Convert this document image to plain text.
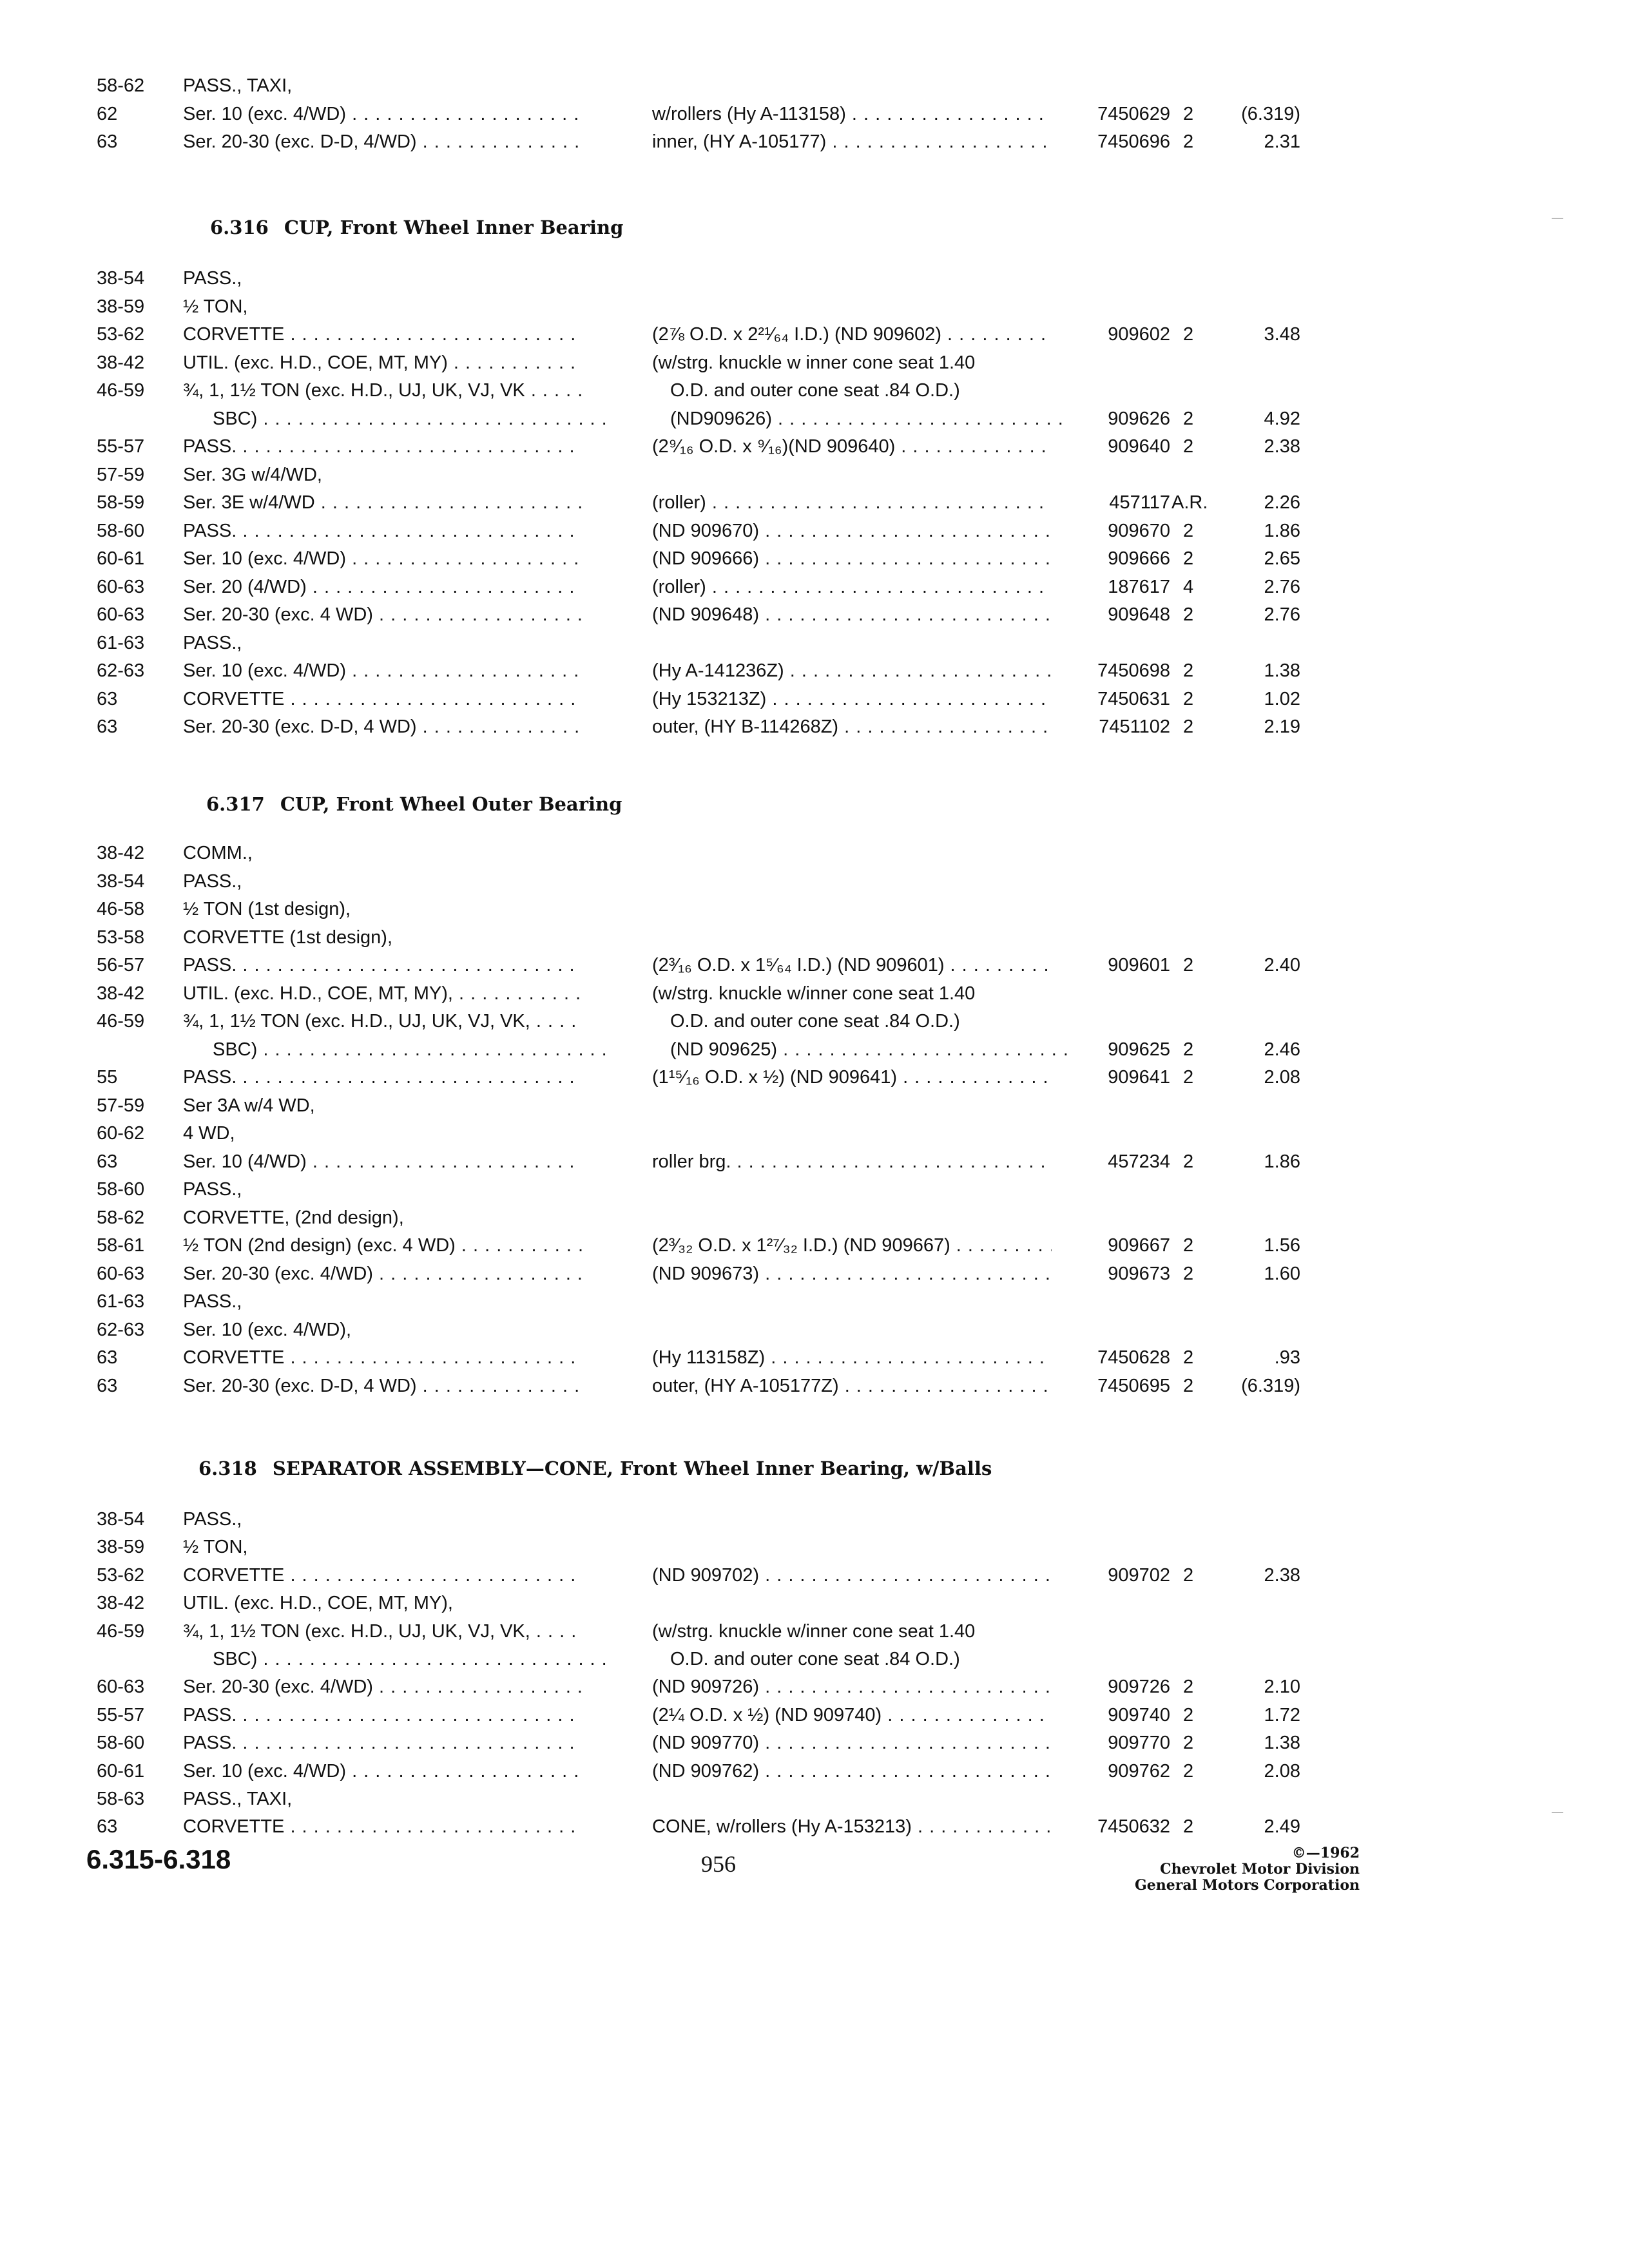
58-62 PASS., TAXI,
62	Ser. 10 (exc. 4/WD) . . .	w/rollers (Hy A-113158) . . .	7450629 2	(6.319)
63	Ser. 20-30 (exc. D-D, 4/WD) . . .	inner, (HY A-105177) . . .	7450696 2	2.31
6.316 CUP, Front Wheel Inner Bearing
38-54 PASS.,
38-59 ½ TON,
53-62 CORVETTE . . .	(2⅞ O.D. x 2²¹⁄₆₄ I.D.) (ND 909602) . . .	909602 2	3.48
38-42 UTIL. (exc. H.D., COE, MT, MY) . . .	(w/strg. knuckle w inner cone seat 1.40
46-59 ¾, 1, 1½ TON (exc. H.D., UJ, UK, VJ, VK . . .	O.D. and outer cone seat .84 O.D.)
SBC) . . .	(ND909626) . . .	909626 2	4.92
55-57 PASS. . . .	(2⁹⁄₁₆ O.D. x ⁹⁄₁₆)(ND 909640) . . .	909640 2	2.38
57-59 Ser. 3G w/4/WD,
58-59 Ser. 3E w/4/WD . . .	(roller) . . .	457117 A.R.	2.26
58-60 PASS. . . .	(ND 909670) . . .	909670 2	1.86
60-61 Ser. 10 (exc. 4/WD) . . .	(ND 909666) . . .	909666 2	2.65
60-63 Ser. 20 (4/WD) . . .	(roller) . . .	187617 4	2.76
60-63 Ser. 20-30 (exc. 4 WD) . . .	(ND 909648) . . .	909648 2	2.76
61-63 PASS.,
62-63 Ser. 10 (exc. 4/WD) . . .	(Hy A-141236Z) . . .	7450698 2	1.38
63	CORVETTE . . .	(Hy 153213Z) . . .	7450631 2	1.02
63	Ser. 20-30 (exc. D-D, 4 WD) . . .	outer, (HY B-114268Z) . . .	7451102 2	2.19
6.317 CUP, Front Wheel Outer Bearing
38-42 COMM.,
38-54 PASS.,
46-58 ½ TON (1st design),
53-58 CORVETTE (1st design),
56-57 PASS. . . .	(2³⁄₁₆ O.D. x 1⁵⁄₆₄ I.D.) (ND 909601) . . .	909601 2	2.40
38-42 UTIL. (exc. H.D., COE, MT, MY), . . .	(w/strg. knuckle w/inner cone seat 1.40
46-59 ¾, 1, 1½ TON (exc. H.D., UJ, UK, VJ, VK, . . .	O.D. and outer cone seat .84 O.D.)
SBC) . . .	(ND 909625) . . .	909625 2	2.46
55	PASS. . . .	(1¹⁵⁄₁₆ O.D. x ½) (ND 909641) . . .	909641 2	2.08
57-59 Ser 3A w/4 WD,
60-62 4 WD,
63	Ser. 10 (4/WD) . . .	roller brg. . . .	457234 2	1.86
58-60 PASS.,
58-62 CORVETTE, (2nd design),
58-61 ½ TON (2nd design) (exc. 4 WD) . . .	(2³⁄₃₂ O.D. x 1²⁷⁄₃₂ I.D.) (ND 909667) . . .	909667 2	1.56
60-63 Ser. 20-30 (exc. 4/WD) . . .	(ND 909673) . . .	909673 2	1.60
61-63 PASS.,
62-63 Ser. 10 (exc. 4/WD),
63	CORVETTE . . .	(Hy 113158Z) . . .	7450628 2	.93
63	Ser. 20-30 (exc. D-D, 4 WD) . . .	outer, (HY A-105177Z) . . .	7450695 2	(6.319)
6.318 SEPARATOR ASSEMBLY—CONE, Front Wheel Inner Bearing, w/Balls
38-54 PASS.,
38-59 ½ TON,
53-62 CORVETTE . . .	(ND 909702) . . .	909702 2	2.38
38-42 UTIL. (exc. H.D., COE, MT, MY),
46-59 ¾, 1, 1½ TON (exc. H.D., UJ, UK, VJ, VK, . . .	(w/strg. knuckle w/inner cone seat 1.40
SBC) . . .	O.D. and outer cone seat .84 O.D.)
60-63 Ser. 20-30 (exc. 4/WD) . . .	(ND 909726) . . .	909726 2	2.10
55-57 PASS. . . .	(2¼ O.D. x ½) (ND 909740) . . .	909740 2	1.72
58-60 PASS. . . .	(ND 909770) . . .	909770 2	1.38
60-61 Ser. 10 (exc. 4/WD) . . .	(ND 909762) . . .	909762 2	2.08
58-63 PASS., TAXI,
63	CORVETTE . . .	CONE, w/rollers (Hy A-153213) . . .	7450632 2	2.49
6.315-6.318	956	©—1962
Chevrolet Motor Division
General Motors Corporation
